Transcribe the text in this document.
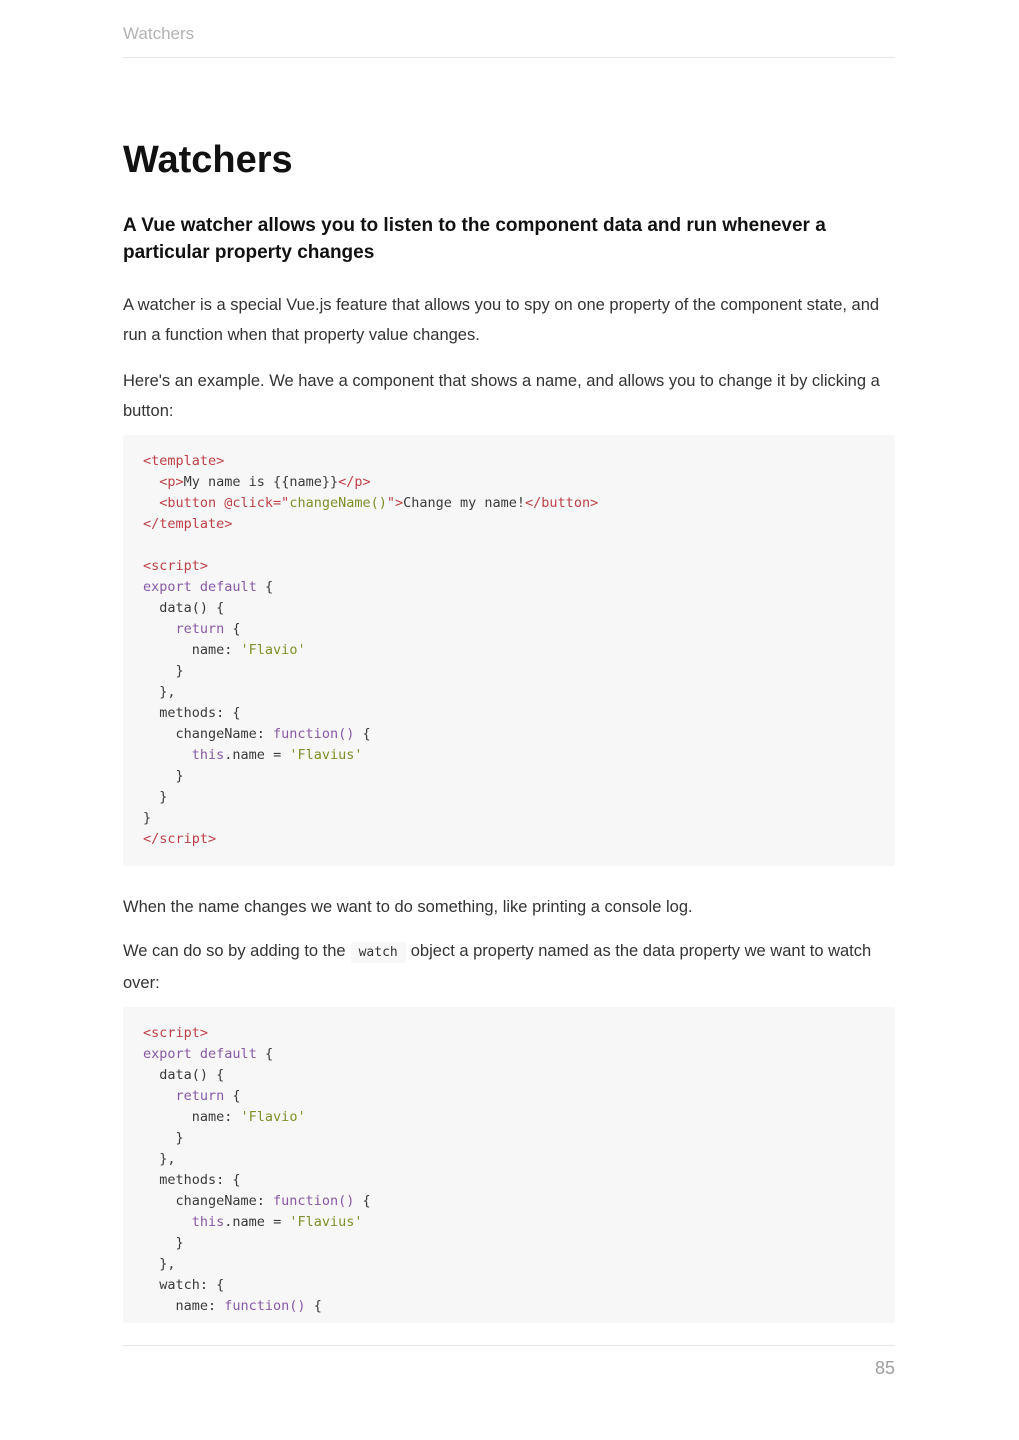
Watchers
Watchers
A Vue watcher allows you to listen to the component data and run whenever a particular property changes

A watcher is a special Vue.js feature that allows you to spy on one property of the component state, and run a function when that property value changes.

Here's an example. We have a component that shows a name, and allows you to change it by clicking a button:

<template>
<p>My name is {{name}}</p>
<button @click="changeName()">Change my name!</button>
</template>
<script>
export default {
data() {
return {
name: 'Flavio'
}
},
methods: {
changeName: function() {
this.name = 'Flavius'
}
}
}
</script>

When the name changes we want to do something, like printing a console log.

We can do so by adding to the watch object a property named as the data property we want to watch over:

<script>
export default {
data() {
return {
name: 'Flavio'
}
},
methods: {
changeName: function() {
this.name = 'Flavius'
}
},
watch: {
name: function() {
85
